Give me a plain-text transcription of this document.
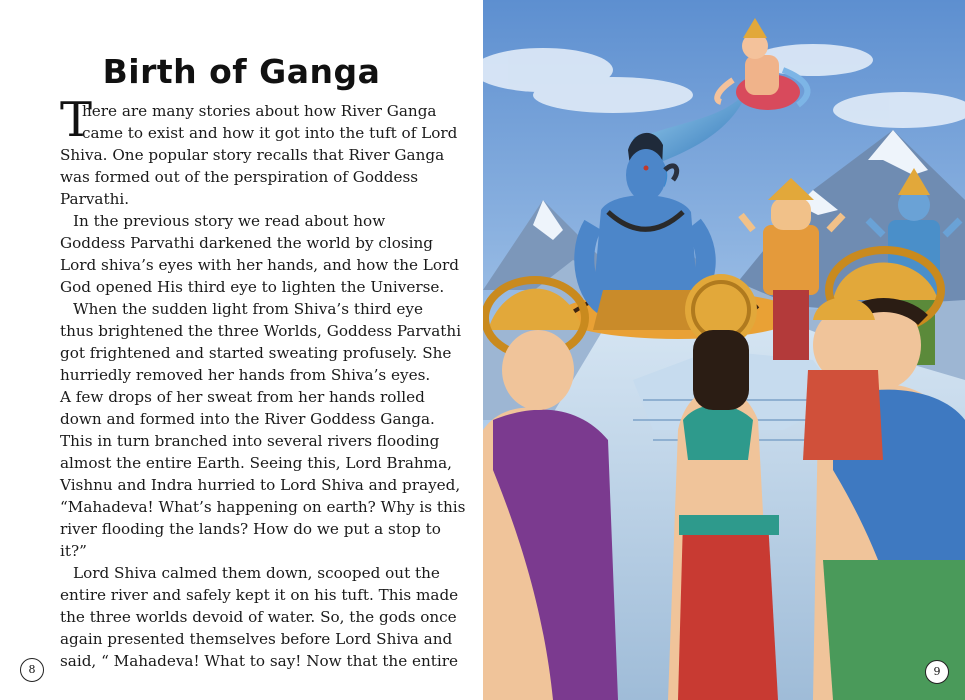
Birth of Ganga
T
here are many stories about how River Ganga
came to exist and how it got into the tuft of Lord
Shiva. One popular story recalls that River Ganga
was formed out of the perspiration of Goddess
Parvathi.
In the previous story we read about how
Goddess Parvathi darkened the world by closing
Lord shiva’s eyes with her hands, and how the Lord
God opened His third eye to lighten the Universe.
When the sudden light from Shiva’s third eye
thus brightened the three Worlds, Goddess Parvathi
got frightened and started sweating profusely. She
hurriedly removed her hands from Shiva’s eyes.
A few drops of her sweat from her hands rolled
down and formed into the River Goddess Ganga.
This in turn branched into several rivers flooding
almost the entire Earth. Seeing this, Lord Brahma,
Vishnu and Indra hurried to Lord Shiva and prayed,
“Mahadeva! What’s happening on earth? Why is this
river flooding the lands? How do we put a stop to
it?”
Lord Shiva calmed them down, scooped out the
entire river and safely kept it on his tuft. This made
the three worlds devoid of water. So, the gods once
again presented themselves before Lord Shiva and
said, “ Mahadeva! What to say! Now that the entire
8	9
